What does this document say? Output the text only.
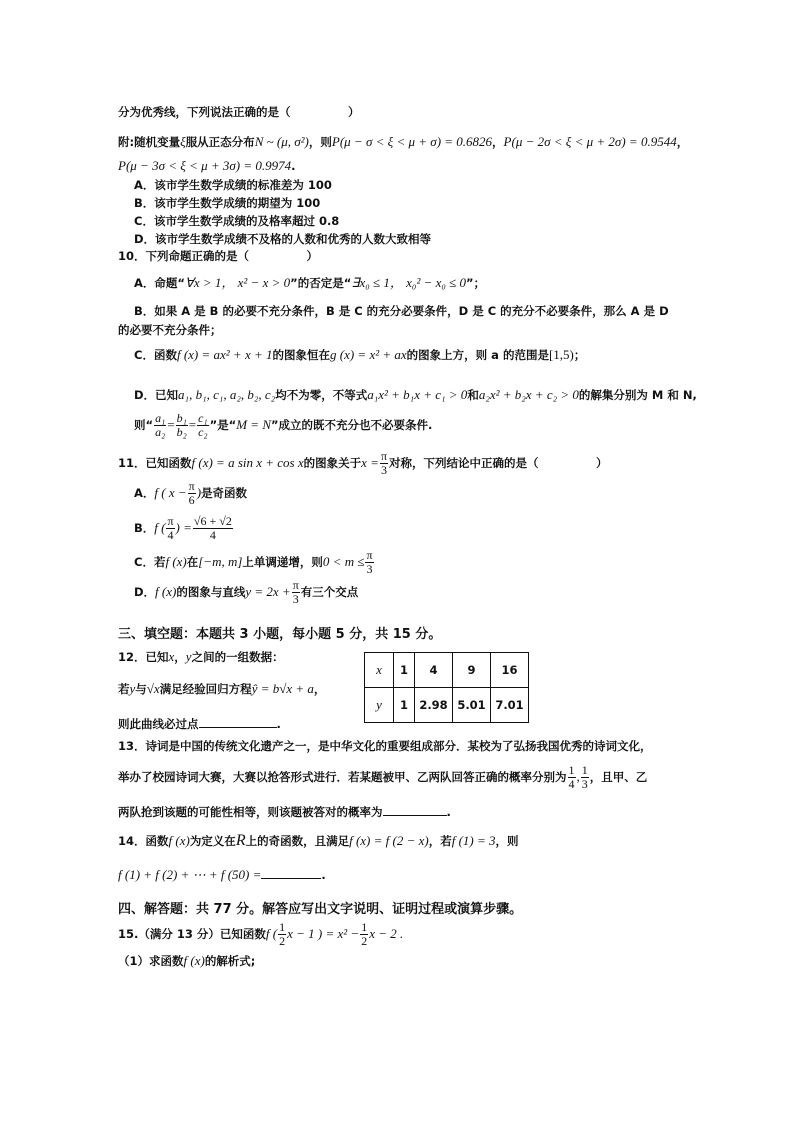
分为优秀线，下列说法正确的是（　　　　　）
附:随机变量ξ服从正态分布N ~ (μ, σ²)，则P(μ − σ < ξ < μ + σ) = 0.6826，P(μ − 2σ < ξ < μ + 2σ) = 0.9544，
P(μ − 3σ < ξ < μ + 3σ) = 0.9974.
A．该市学生数学成绩的标准差为 100
B．该市学生数学成绩的期望为 100
C．该市学生数学成绩的及格率超过 0.8
D．该市学生数学成绩不及格的人数和优秀的人数大致相等
10．下列命题正确的是（　　　　　）
A．命题“∀x > 1， x² − x > 0”的否定是“∃x₀ ≤ 1， x₀² − x₀ ≤ 0”；
B．如果 A 是 B 的必要不充分条件，B 是 C 的充分必要条件，D 是 C 的充分不必要条件，那么 A 是 D
的必要不充分条件；
C．函数f (x) = ax² + x + 1的图象恒在g (x) = x² + ax的图象上方，则 a 的范围是[1,5)；
D．已知a₁, b₁, c₁, a₂, b₂, c₂均不为零，不等式a₁x² + b₁x + c₁ > 0和a₂x² + b₂x + c₂ > 0的解集分别为 M 和 N,
则“ $\frac{\text{a₁}}{\text{a₂}} = \frac{\text{b₁}}{\text{b₂}} = \frac{\text{c₁}}{\text{c₂}}$ ”是“M = N”成立的既不充分也不必要条件.
11．已知函数f (x) = a sin x + cos x的图象关于$x = \frac{\pi}{3}$ 对称，下列结论中正确的是（　　　　　）
A．f ( $x - \frac{\pi}{6}$ )是奇函数
B．f ( $\frac{\pi}{4}$ ) = $\frac{√6 + √2}{4}$
C．若f (x)在[−m, m]上单调递增，则$0 < m \le \frac{\pi}{3}$
D．f (x)的图象与直线$y = 2x + \frac{\pi}{3}$ 有三个交点
三、填空题：本题共 3 小题，每小题 5 分，共 15 分。
12．已知x，y之间的一组数据：
若y与√x满足经验回归方程ŷ = b√x + a，
则此曲线必过点	.
x	1	4	9	16
y	1	2.98	5.01	7.01
13．诗词是中国的传统文化遗产之一，是中华文化的重要组成部分．某校为了弘扬我国优秀的诗词文化，
举办了校园诗词大赛，大赛以抢答形式进行．若某题被甲、乙两队回答正确的概率分别为 $\frac{1}{4}$ , $\frac{1}{3}$ ，且甲、乙
两队抢到该题的可能性相等，则该题被答对的概率为	.
14．函数f (x)为定义在R上的奇函数，且满足f (x) = f (2 − x)，若f (1) = 3，则
f (1) + f (2) + ⋯ + f (50) =	.
四、解答题：共 77 分。解答应写出文字说明、证明过程或演算步骤。
15.（满分 13 分）已知函数f ( $\frac{1}{2}$ x − 1 ) = $x^2 - \frac{1}{2}$ x − 2 .
（1）求函数f (x)的解析式;
